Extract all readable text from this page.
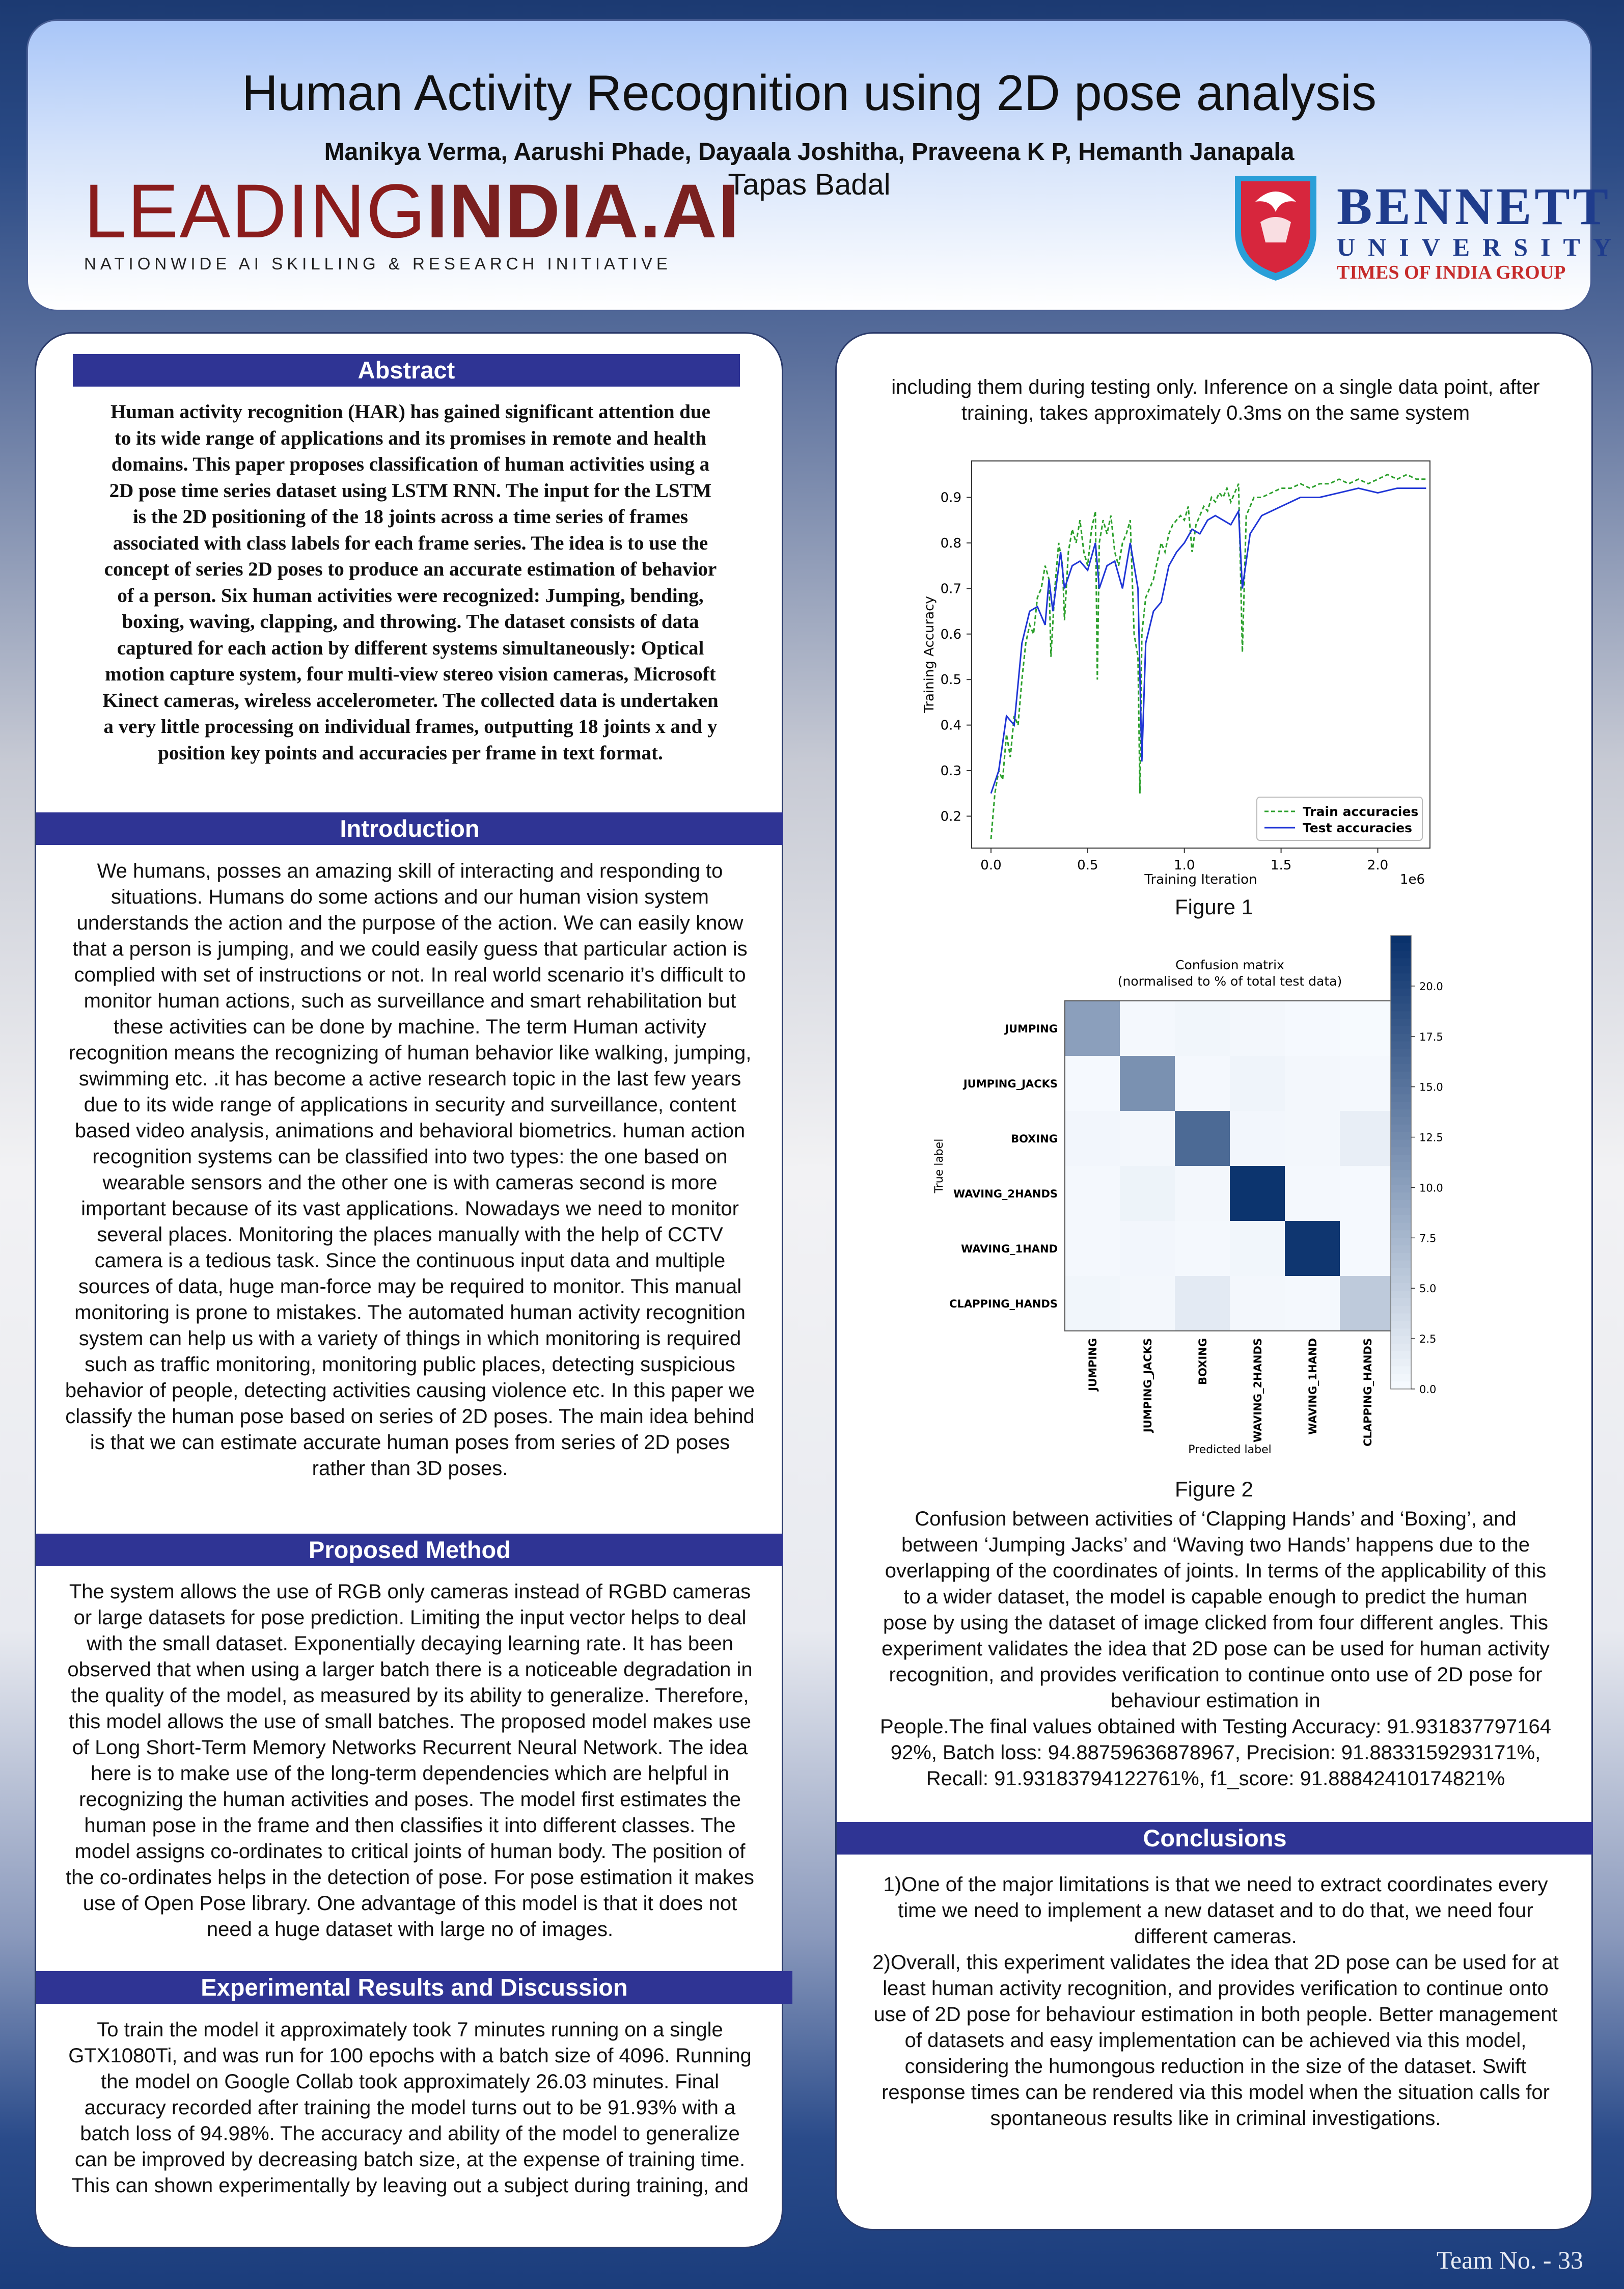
Human Activity Recognition using 2D pose analysis
Manikya Verma, Aarushi Phade, Dayaala Joshitha, Praveena K P, Hemanth Janapala
Tapas Badal
LEADINGINDIA.AI
NATIONWIDE AI SKILLING & RESEARCH INITIATIVE
BENNETT
UNIVERSITY
TIMES OF INDIA GROUP
Abstract
Human activity recognition (HAR) has gained significant attention due
to its wide range of applications and its promises in remote and health
domains. This paper proposes classification of human activities using a
2D pose time series dataset using LSTM RNN. The input for the LSTM
is the 2D positioning of the 18 joints across a time series of frames
associated with class labels for each frame series. The idea is to use the
concept of series 2D poses to produce an accurate estimation of behavior
of a person. Six human activities were recognized: Jumping, bending,
boxing, waving, clapping, and throwing. The dataset consists of data
captured for each action by different systems simultaneously: Optical
motion capture system, four multi-view stereo vision cameras, Microsoft
Kinect cameras, wireless accelerometer. The collected data is undertaken
a very little processing on individual frames, outputting 18 joints x and y
position key points and accuracies per frame in text format.
Introduction
We humans, posses an amazing skill of interacting and responding to
situations. Humans do some actions and our human vision system
understands the action and the purpose of the action. We can easily know
that a person is jumping, and we could easily guess that particular action is
complied with set of instructions or not. In real world scenario it’s difficult to
monitor human actions, such as surveillance and smart rehabilitation but
these activities can be done by machine. The term Human activity
recognition means the recognizing of human behavior like walking, jumping,
swimming etc. .it has become a active research topic in the last few years
due to its wide range of applications in security and surveillance, content
based video analysis, animations and behavioral biometrics. human action
recognition systems can be classified into two types: the one based on
wearable sensors and the other one is with cameras second is more
important because of its vast applications. Nowadays we need to monitor
several places. Monitoring the places manually with the help of CCTV
camera is a tedious task. Since the continuous input data and multiple
sources of data, huge man-force may be required to monitor. This manual
monitoring is prone to mistakes. The automated human activity recognition
system can help us with a variety of things in which monitoring is required
such as traffic monitoring, monitoring public places, detecting suspicious
behavior of people, detecting activities causing violence etc. In this paper we
classify the human pose based on series of 2D poses. The main idea behind
is that we can estimate accurate human poses from series of 2D poses
rather than 3D poses.
Proposed Method
The system allows the use of RGB only cameras instead of RGBD cameras
or large datasets for pose prediction. Limiting the input vector helps to deal
with the small dataset. Exponentially decaying learning rate. It has been
observed that when using a larger batch there is a noticeable degradation in
the quality of the model, as measured by its ability to generalize. Therefore,
this model allows the use of small batches. The proposed model makes use
of Long Short-Term Memory Networks Recurrent Neural Network. The idea
here is to make use of the long-term dependencies which are helpful in
recognizing the human activities and poses. The model first estimates the
human pose in the frame and then classifies it into different classes. The
model assigns co-ordinates to critical joints of human body. The position of
the co-ordinates helps in the detection of pose. For pose estimation it makes
use of Open Pose library. One advantage of this model is that it does not
need a huge dataset with large no of images.
Experimental Results and Discussion
To train the model it approximately took 7 minutes running on a single
GTX1080Ti, and was run for 100 epochs with a batch size of 4096. Running
the model on Google Collab took approximately 26.03 minutes. Final
accuracy recorded after training the model turns out to be 91.93% with a
batch loss of 94.98%. The accuracy and ability of the model to generalize
can be improved by decreasing batch size, at the expense of training time.
This can shown experimentally by leaving out a subject during training, and
including them during testing only. Inference on a single data point, after
training, takes approximately 0.3ms on the same system
0.0	0.5	1.0	1.5	2.0
0.2
0.3
0.4
0.5
0.6
0.7
0.8
0.9
Training Iteration	1e6
Training Accuracy
Train accuracies
Test accuracies
Figure 1
Confusion matrix
(normalised to % of total test data)
JUMPING
JUMPING
JUMPING_JACKS
JUMPING_JACKS
BOXING
BOXING
WAVING_2HANDS
WAVING_2HANDS
WAVING_1HAND
WAVING_1HAND
CLAPPING_HANDS
CLAPPING_HANDS
Predicted label
True label
0.0
2.5
5.0
7.5
10.0
12.5
15.0
17.5
20.0
Figure 2
Confusion between activities of ‘Clapping Hands’ and ‘Boxing’, and
between ‘Jumping Jacks’ and ‘Waving two Hands’ happens due to the
overlapping of the coordinates of joints. In terms of the applicability of this
to a wider dataset, the model is capable enough to predict the human
pose by using the dataset of image clicked from four different angles. This
experiment validates the idea that 2D pose can be used for human activity
recognition, and provides verification to continue onto use of 2D pose for
behaviour estimation in
People.The final values obtained with Testing Accuracy: 91.931837797164
92%, Batch loss: 94.88759636878967, Precision: 91.8833159293171%,
Recall: 91.93183794122761%, f1_score: 91.88842410174821%
Conclusions
1)One of the major limitations is that we need to extract coordinates every
time we need to implement a new dataset and to do that, we need four
different cameras.
2)Overall, this experiment validates the idea that 2D pose can be used for at
least human activity recognition, and provides verification to continue onto
use of 2D pose for behaviour estimation in both people. Better management
of datasets and easy implementation can be achieved via this model,
considering the humongous reduction in the size of the dataset. Swift
response times can be rendered via this model when the situation calls for
spontaneous results like in criminal investigations.
Team No. - 33
